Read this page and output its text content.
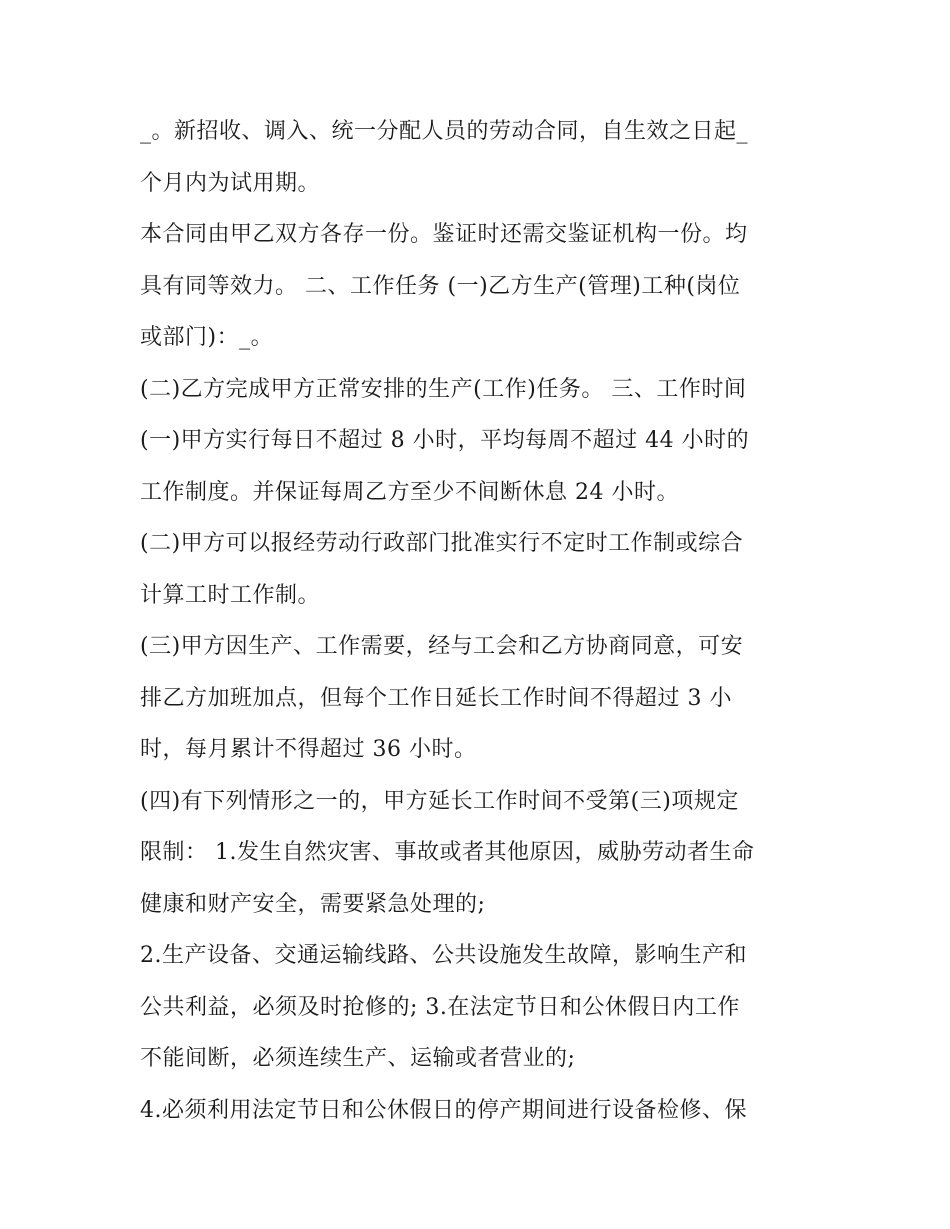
_。新招收、调入、统一分配人员的劳动合同，自生效之日起_
个月内为试用期。
本合同由甲乙双方各存一份。鉴证时还需交鉴证机构一份。均
具有同等效力。 二、工作任务 (一)乙方生产(管理)工种(岗位
或部门)：_。
(二)乙方完成甲方正常安排的生产(工作)任务。 三、工作时间
(一)甲方实行每日不超过 8 小时，平均每周不超过 44 小时的
工作制度。并保证每周乙方至少不间断休息 24 小时。
(二)甲方可以报经劳动行政部门批准实行不定时工作制或综合
计算工时工作制。
(三)甲方因生产、工作需要，经与工会和乙方协商同意，可安
排乙方加班加点，但每个工作日延长工作时间不得超过 3 小
时，每月累计不得超过 36 小时。
(四)有下列情形之一的，甲方延长工作时间不受第(三)项规定
限制： 1.发生自然灾害、事故或者其他原因，威胁劳动者生命
健康和财产安全，需要紧急处理的;
2.生产设备、交通运输线路、公共设施发生故障，影响生产和
公共利益，必须及时抢修的; 3.在法定节日和公休假日内工作
不能间断，必须连续生产、运输或者营业的;
4.必须利用法定节日和公休假日的停产期间进行设备检修、保
